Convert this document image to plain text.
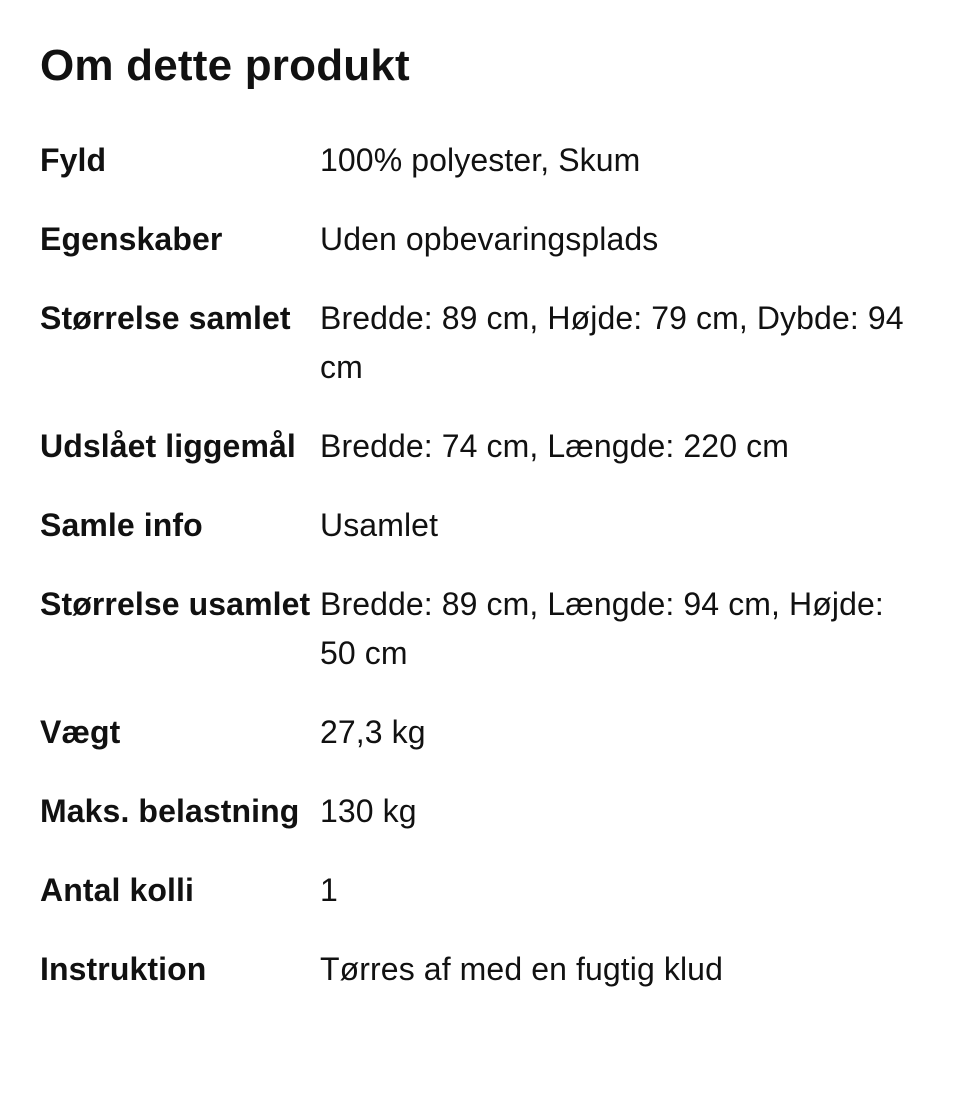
Om dette produkt
Fyld	100% polyester, Skum
Egenskaber	Uden opbevaringsplads
Størrelse samlet Bredde: 89 cm, Højde: 79 cm, Dybde: 94 cm
Udslået liggemål Bredde: 74 cm, Længde: 220 cm
Samle info	Usamlet
Størrelse usamlet Bredde: 89 cm, Længde: 94 cm, Højde: 50 cm
Vægt	27,3 kg
Maks. belastning 130 kg
Antal kolli	1
Instruktion	Tørres af med en fugtig klud
